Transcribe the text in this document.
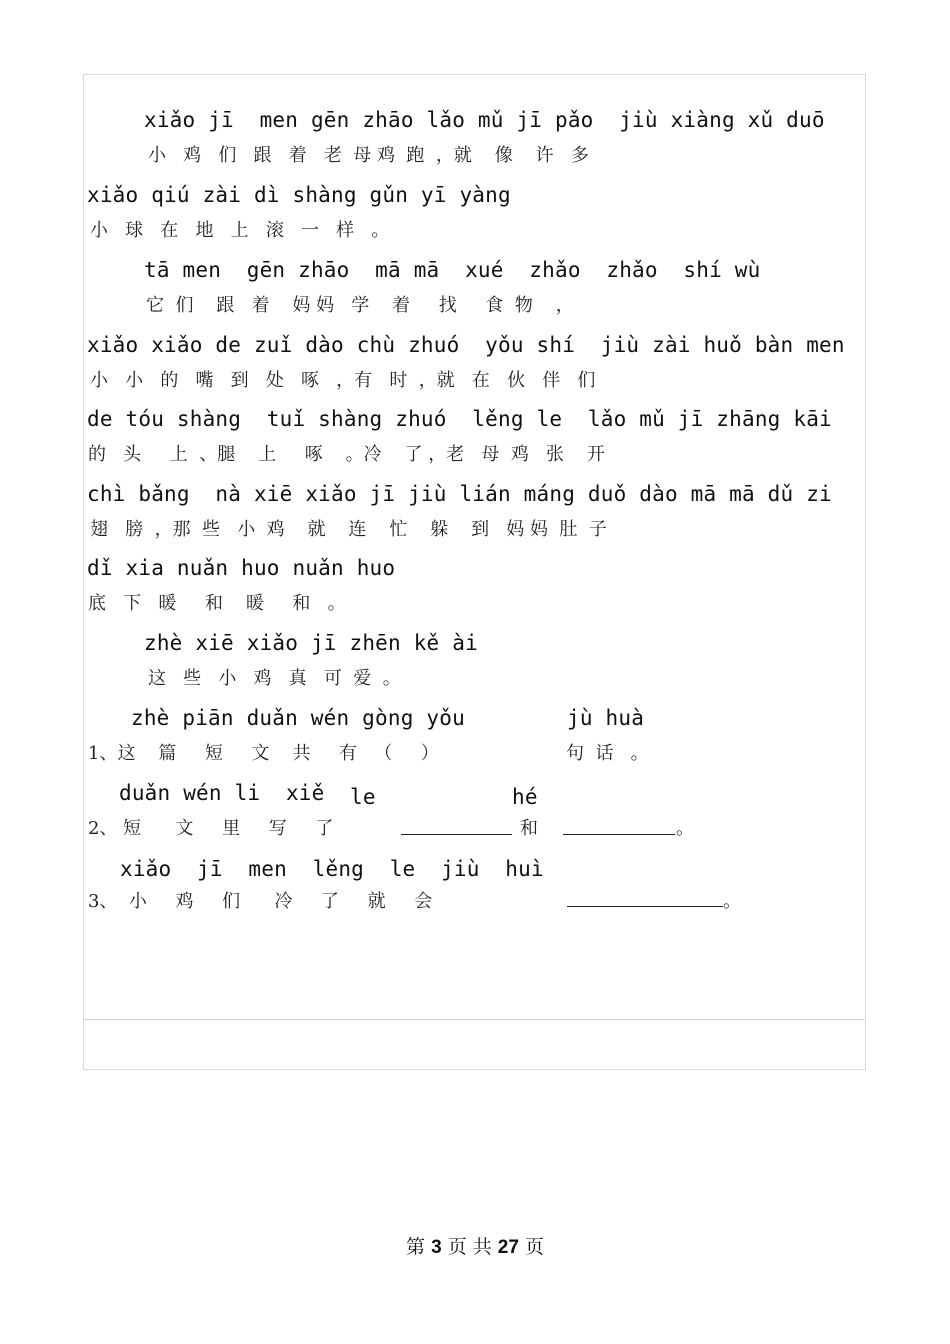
xiǎo jī  men gēn zhāo lǎo mǔ jī pǎo  jiù xiàng xǔ duō
小   鸡   们   跟   着   老  母 鸡  跑  ，就    像    许   多
xiǎo qiú zài dì shàng gǔn yī yàng
小   球   在   地   上   滚   一   样   。
tā men  gēn zhāo  mā mā  xué  zhǎo  zhǎo  shí wù
它  们    跟   着    妈 妈   学    着     找     食  物    ，
xiǎo xiǎo de zuǐ dào chù zhuó  yǒu shí  jiù zài huǒ bàn men
小   小   的   嘴   到   处   啄   ，有   时  ，就   在   伙   伴   们
de tóu shàng  tuǐ shàng zhuó  lěng le  lǎo mǔ jī zhāng kāi
的   头     上  、腿    上     啄    。冷    了 ，老   母  鸡   张    开
chì bǎng  nà xiē xiǎo jī jiù lián máng duǒ dào mā mā dǔ zi
翅   膀  ，那  些   小  鸡    就    连    忙    躲    到   妈 妈  肚  子
dǐ xia nuǎn huo nuǎn huo
底   下   暖     和    暖     和   。
zhè xiē xiǎo jī zhēn kě ài
这   些   小   鸡   真   可  爱  。
zhè piān duǎn wén gòng yǒu	jù huà
1、这    篇     短     文    共     有   （     ）	句  话   。
duǎn wén li  xiě le	hé
2、 短      文     里     写     了	和	。
xiǎo  jī  men  lěng  le  jiù  huì
3、  小     鸡     们      冷     了     就     会	。
第 3 页 共 27 页
